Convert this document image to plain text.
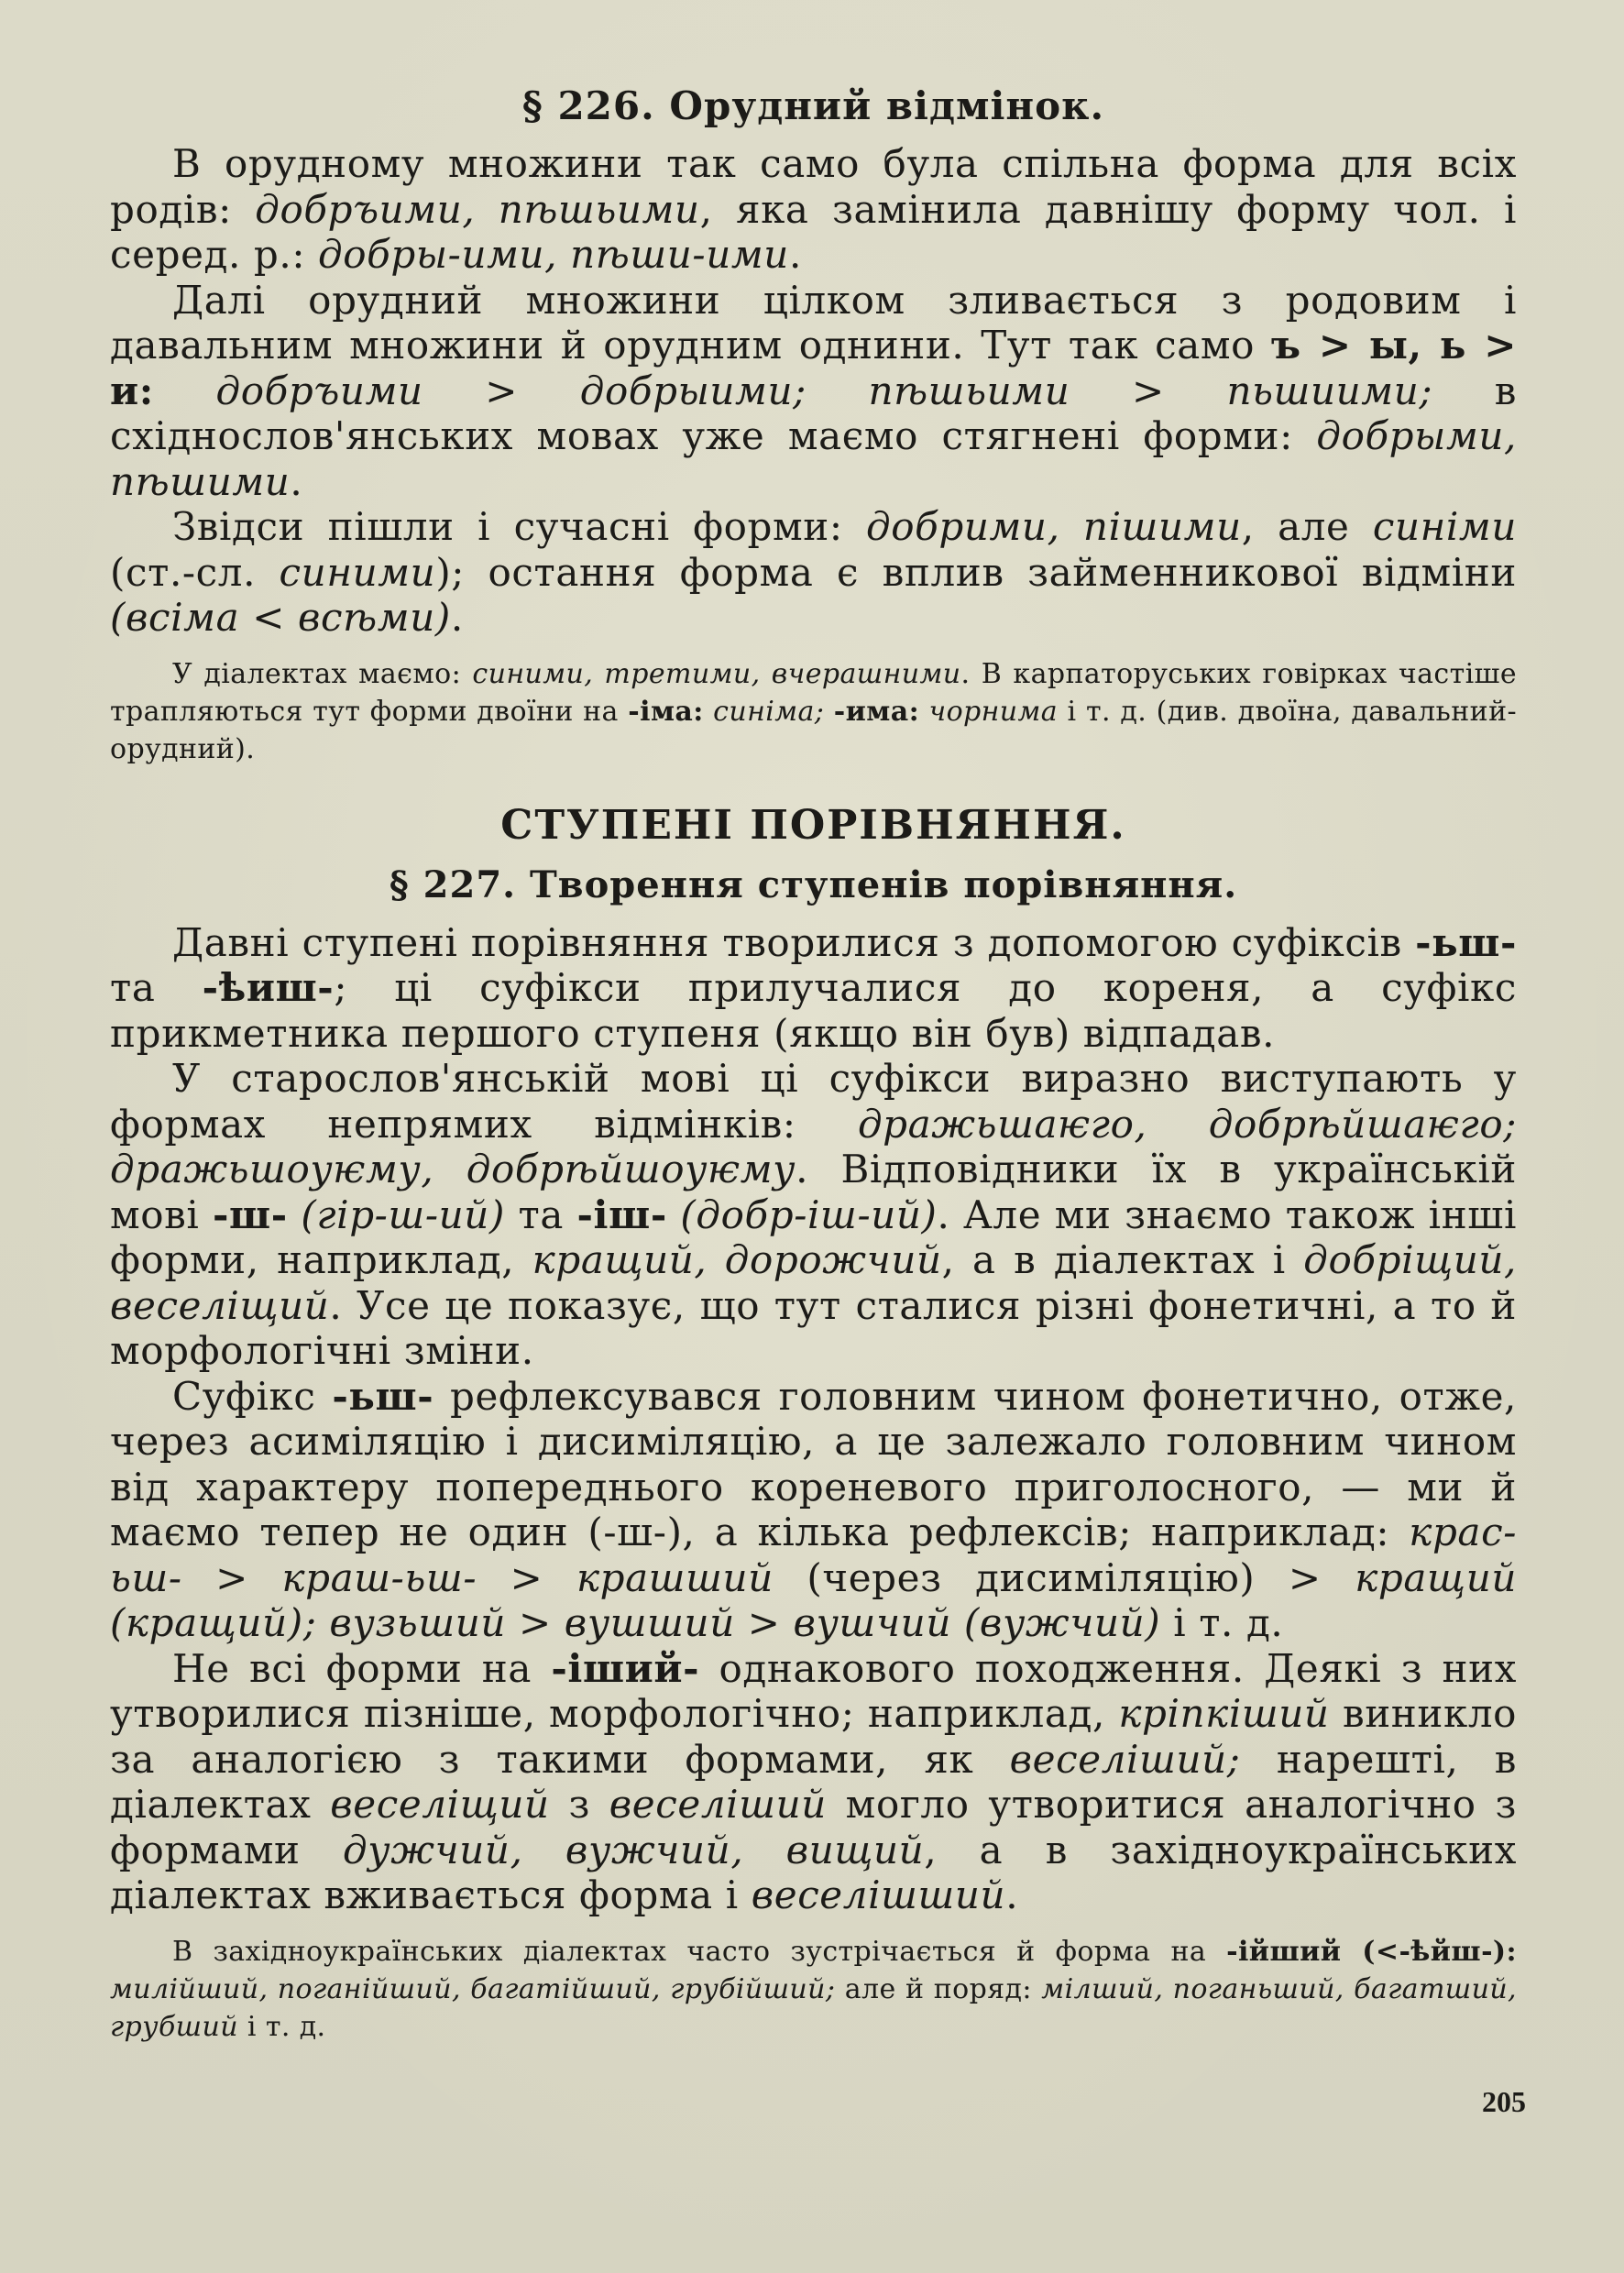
§ 226. Орудний відмінок.

В орудному множини так само була спільна форма для всіх родів: добръими, пѣшьими, яка замінила давнішу форму чол. і серед. р.: добры-ими, пѣши-ими.

Далі орудний множини цілком зливається з родовим і давальним множини й орудним однини. Тут так само ъ > ы, ь > и: добръими > добрыими; пѣшьими > пьшиими; в східнослов'янських мовах уже маємо стягнені форми: добрыми, пѣшими.

Звідси пішли і сучасні форми: добрими, пішими, але синіми (ст.-сл. синими); остання форма є вплив займенникової відміни (всіма < всѣми).

У діалектах маємо: синими, третими, вчерашними. В карпаторуських говірках частіше трапляються тут форми двоїни на -іма: синіма; -има: чорнима і т. д. (див. двоїна, давальний-орудний).

СТУПЕНІ ПОРІВНЯННЯ.
§ 227. Творення ступенів порівняння.

Давні ступені порівняння творилися з допомогою суфіксів -ьш- та -ѣиш-; ці суфікси прилучалися до кореня, а суфікс прикметника першого ступеня (якщо він був) відпадав.

У старослов'янській мові ці суфікси виразно виступають у формах непрямих відмінків: дражьшаѥго, добрѣйшаѥго; дражьшоуѥму, добрѣйшоуѥму. Відповідники їх в українській мові -ш- (гір-ш-ий) та -іш- (добр-іш-ий). Але ми знаємо також інші форми, наприклад, кращий, дорожчий, а в діалектах і добріщий, веселіщий. Усе це показує, що тут сталися різні фонетичні, а то й морфологічні зміни.

Суфікс -ьш- рефлексувався головним чином фонетично, отже, через асиміляцію і дисиміляцію, а це залежало головним чином від характеру попереднього кореневого приголосного, — ми й маємо тепер не один (-ш-), а кілька рефлексів; наприклад: крас-ьш- > краш-ьш- > крашший (через дисиміляцію) > кращий (кращий); вузьший > вушший > вушчий (вужчий) і т. д.

Не всі форми на -іший- однакового походження. Деякі з них утворилися пізніше, морфологічно; наприклад, кріпкіший виникло за аналогією з такими формами, як веселіший; нарешті, в діалектах веселіщий з веселіший могло утворитися аналогічно з формами дужчий, вужчий, вищий, а в західноукраїнських діалектах вживається форма і веселішший.

В західноукраїнських діалектах часто зустрічається й форма на -ійший (<-ѣйш-): милійший, поганійший, багатійший, грубійший; але й поряд: мілший, поганьший, багатший, грубший і т. д.

205
